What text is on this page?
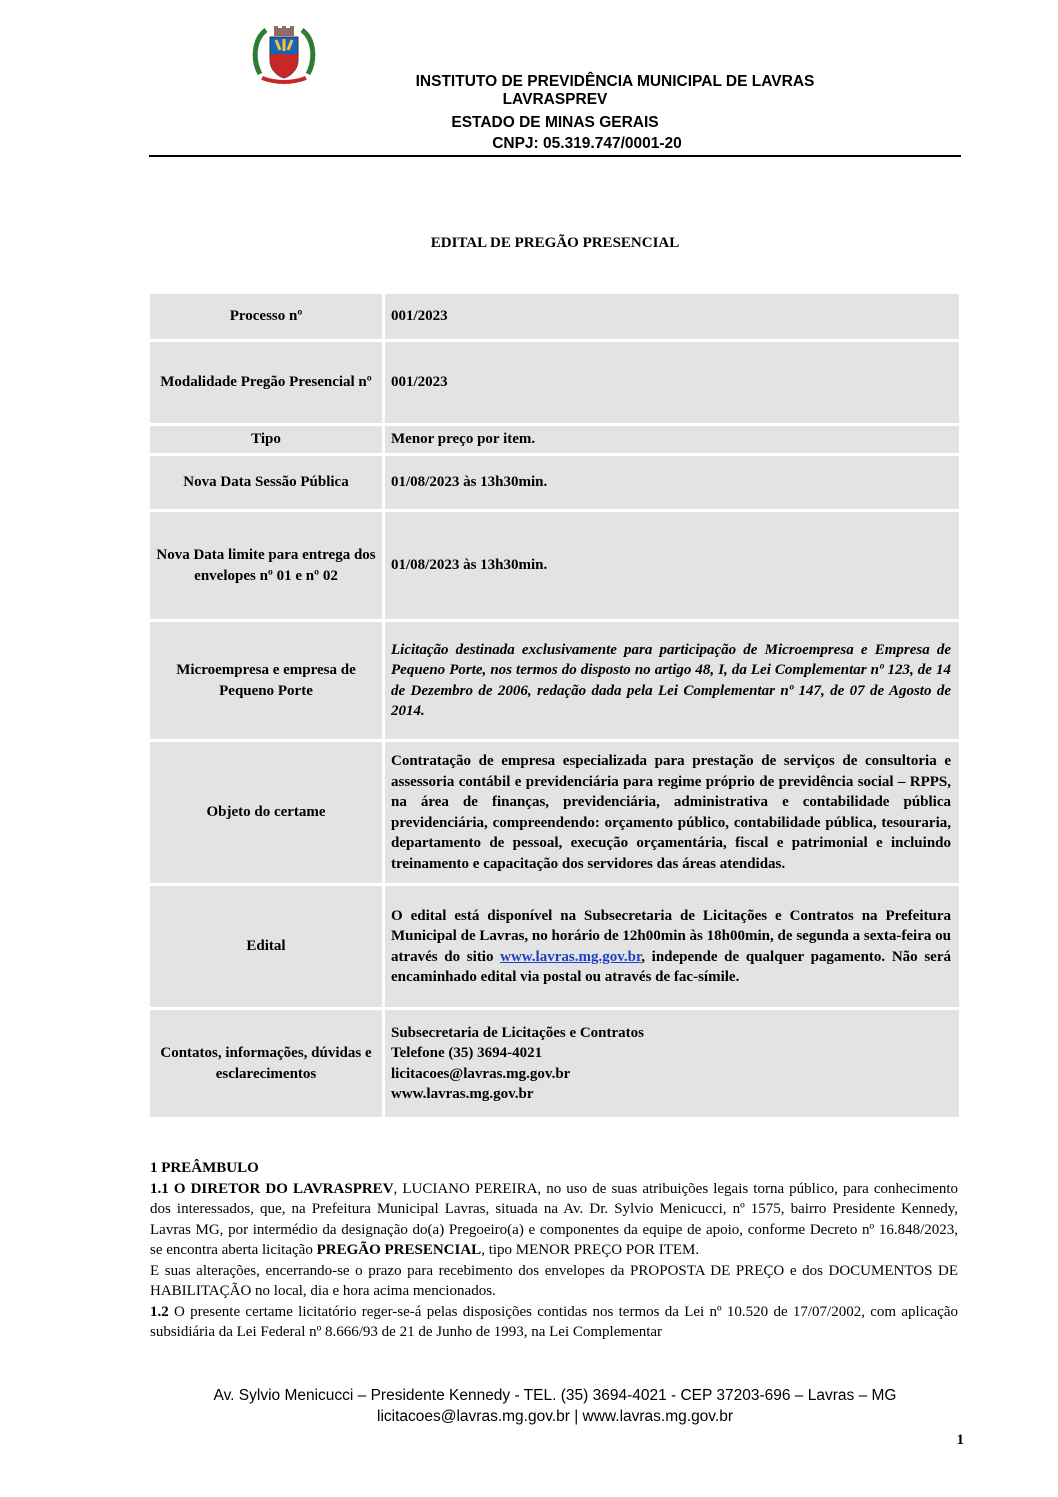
INSTITUTO DE PREVIDÊNCIA MUNICIPAL DE LAVRAS
LAVRASPREV
ESTADO DE MINAS GERAIS
CNPJ: 05.319.747/0001-20
EDITAL DE PREGÃO PRESENCIAL
Processo nº	001/2023
Modalidade Pregão Presencial nº	001/2023
Tipo	Menor preço por item.
Nova Data Sessão Pública	01/08/2023 às 13h30min.
Nova Data limite para entrega dos envelopes nº 01 e nº 02	01/08/2023 às 13h30min.
Microempresa e empresa de Pequeno Porte	Licitação destinada exclusivamente para participação de Microempresa e Empresa de Pequeno Porte, nos termos do disposto no artigo 48, I, da Lei Complementar nº 123, de 14 de Dezembro de 2006, redação dada pela Lei Complementar nº 147, de 07 de Agosto de 2014.
Objeto do certame	Contratação de empresa especializada para prestação de serviços de consultoria e assessoria contábil e previdenciária para regime próprio de previdência social – RPPS, na área de finanças, previdenciária, administrativa e contabilidade pública previdenciária, compreendendo: orçamento público, contabilidade pública, tesouraria, departamento de pessoal, execução orçamentária, fiscal e patrimonial e incluindo treinamento e capacitação dos servidores das áreas atendidas.
Edital	O edital está disponível na Subsecretaria de Licitações e Contratos na Prefeitura Municipal de Lavras, no horário de 12h00min às 18h00min, de segunda a sexta-feira ou através do sitio www.lavras.mg.gov.br, independe de qualquer pagamento. Não será encaminhado edital via postal ou através de fac-símile.
Contatos, informações, dúvidas e esclarecimentos	Subsecretaria de Licitações e Contratos
Telefone (35) 3694-4021
licitacoes@lavras.mg.gov.br
www.lavras.mg.gov.br

1 PREÂMBULO

1.1 O DIRETOR DO LAVRASPREV, LUCIANO PEREIRA, no uso de suas atribuições legais torna público, para conhecimento dos interessados, que, na Prefeitura Municipal Lavras, situada na Av. Dr. Sylvio Menicucci, nº 1575, bairro Presidente Kennedy, Lavras MG, por intermédio da designação do(a) Pregoeiro(a) e componentes da equipe de apoio, conforme Decreto nº 16.848/2023, se encontra aberta licitação PREGÃO PRESENCIAL, tipo MENOR PREÇO POR ITEM.

E suas alterações, encerrando-se o prazo para recebimento dos envelopes da PROPOSTA DE PREÇO e dos DOCUMENTOS DE HABILITAÇÃO no local, dia e hora acima mencionados.

1.2 O presente certame licitatório reger-se-á pelas disposições contidas nos termos da Lei nº 10.520 de 17/07/2002, com aplicação subsidiária da Lei Federal nº 8.666/93 de 21 de Junho de 1993, na Lei Complementar

Av. Sylvio Menicucci – Presidente Kennedy - TEL. (35) 3694-4021 - CEP 37203-696 – Lavras – MG
licitacoes@lavras.mg.gov.br | www.lavras.mg.gov.br
1
